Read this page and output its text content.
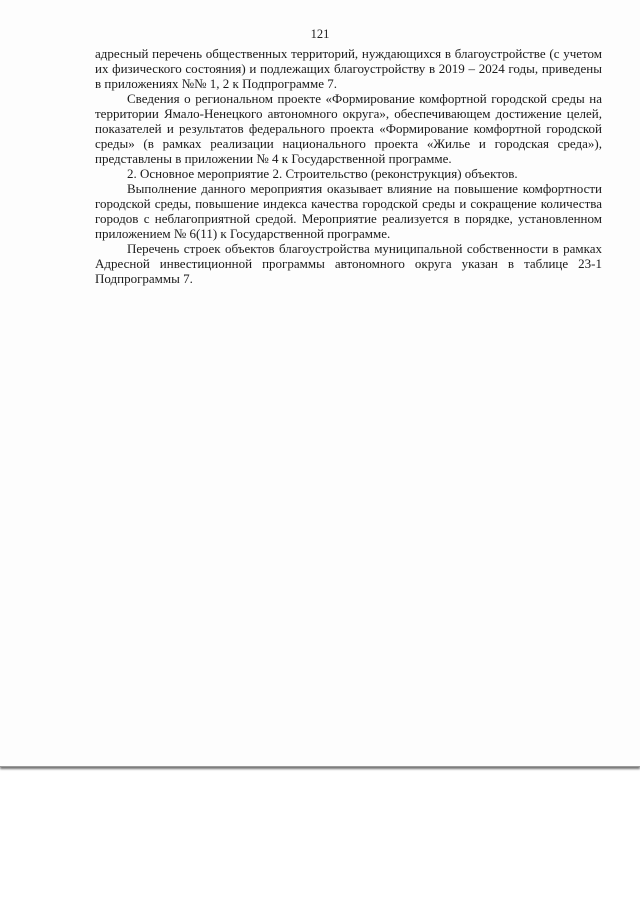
121

адресный перечень общественных территорий, нуждающихся в благоустройстве (с учетом их физического состояния) и подлежащих благоустройству в 2019 – 2024 годы, приведены в приложениях №№ 1, 2 к Подпрограмме 7.

Сведения о региональном проекте «Формирование комфортной городской среды на территории Ямало-Ненецкого автономного округа», обеспечивающем достижение целей, показателей и результатов федерального проекта «Формирование комфортной городской среды» (в рамках реализации национального проекта «Жилье и городская среда»), представлены в приложении № 4 к Государственной программе.

2. Основное мероприятие 2. Строительство (реконструкция) объектов.

Выполнение данного мероприятия оказывает влияние на повышение комфортности городской среды, повышение индекса качества городской среды и сокращение количества городов с неблагоприятной средой. Мероприятие реализуется в порядке, установленном приложением № 6(11) к Государственной программе.

Перечень строек объектов благоустройства муниципальной собственности в рамках Адресной инвестиционной программы автономного округа указан в таблице 23-1 Подпрограммы 7.
